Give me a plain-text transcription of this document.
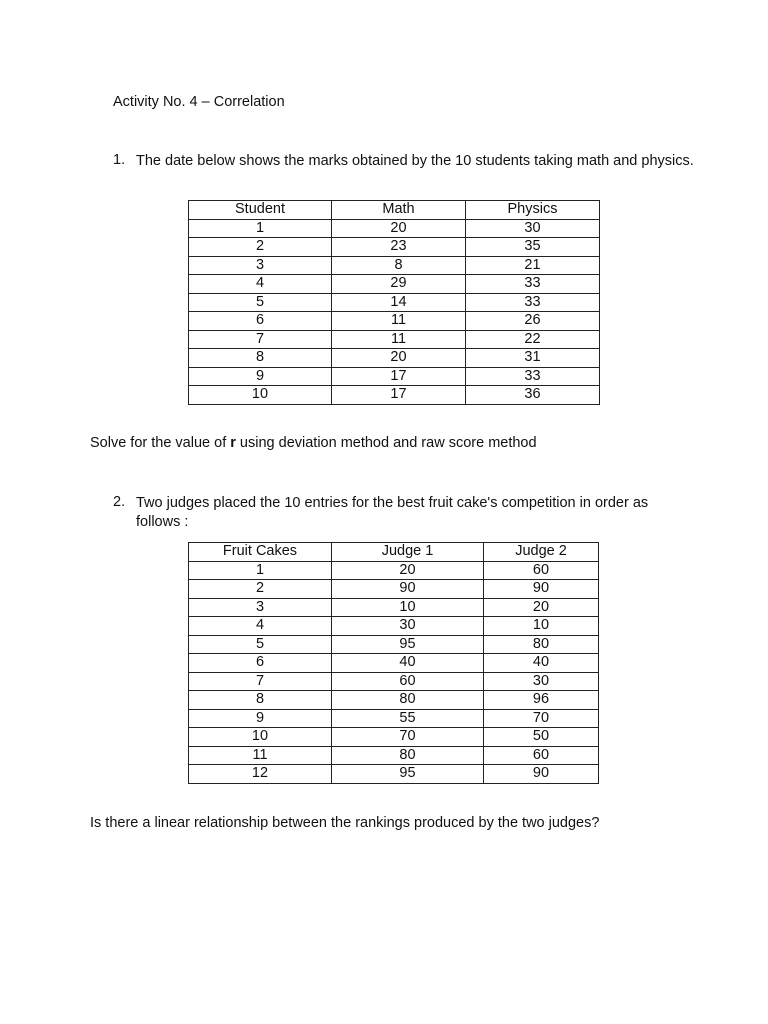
Activity No. 4 – Correlation
1. The date below shows the marks obtained by the 10 students taking math and physics.
Student	Math	Physics
1	20	30
2	23	35
3	8	21
4	29	33
5	14	33
6	11	26
7	11	22
8	20	31
9	17	33
10	17	36
Solve for the value of r using deviation method and raw score method
2. Two judges placed the 10 entries for the best fruit cake's competition in order as follows :
Fruit Cakes	Judge 1	Judge 2
1	20	60
2	90	90
3	10	20
4	30	10
5	95	80
6	40	40
7	60	30
8	80	96
9	55	70
10	70	50
11	80	60
12	95	90
Is there a linear relationship between the rankings produced by the two judges?
